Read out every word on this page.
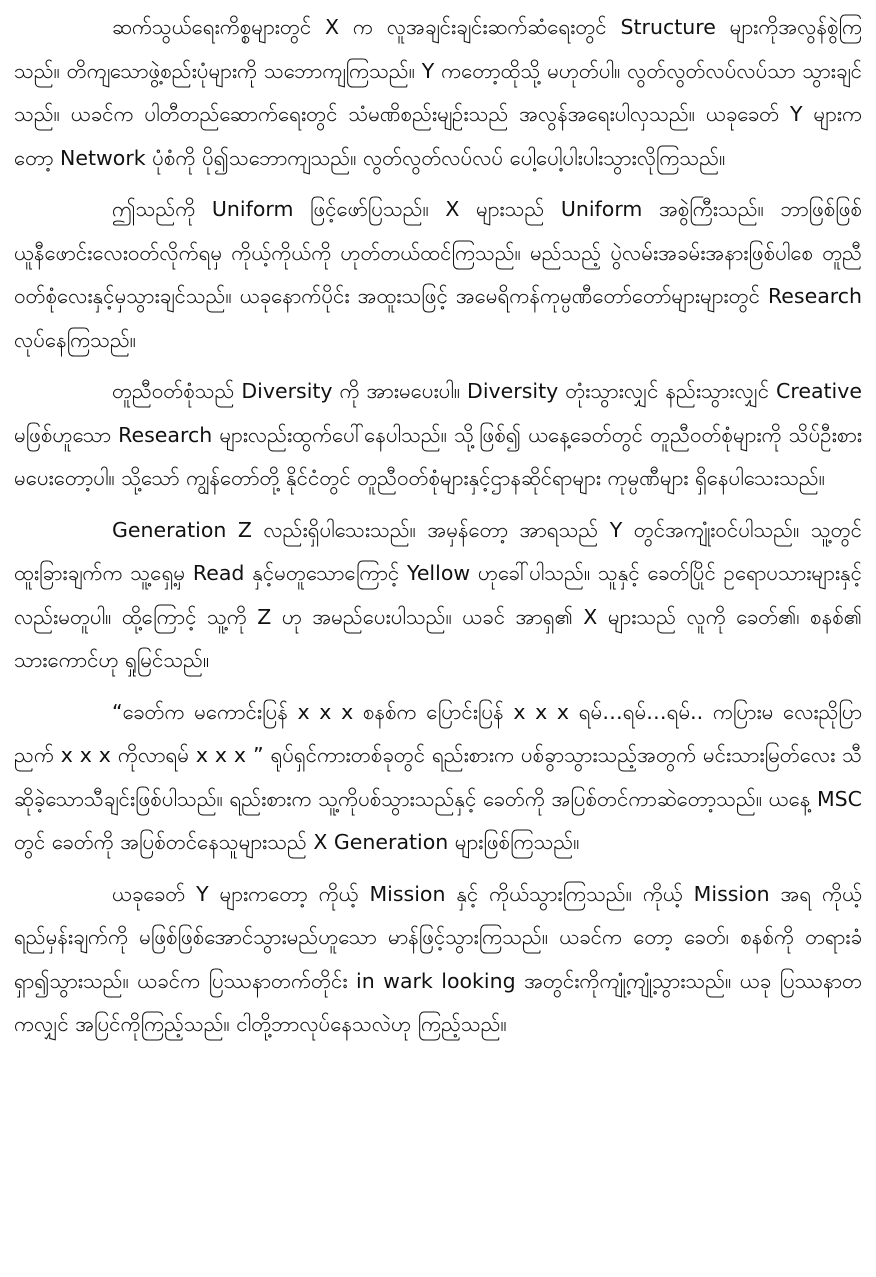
ဆက်သွယ်ရေးကိစ္စများတွင် X က လူအချင်းချင်းဆက်ဆံရေးတွင် Structure များကိုအလွန်စွဲကြသည်။ တိကျသောဖွဲ့စည်းပုံများကို သဘောကျကြသည်။ Y ကတော့ထိုသို့ မဟုတ်ပါ။ လွတ်လွတ်လပ်လပ်သာ သွားချင်သည်။ ယခင်က ပါတီတည်ဆောက်ရေးတွင် သံမဏိစည်းမျဉ်းသည် အလွန်အရေးပါလှသည်။ ယခုခေတ် Y များက တော့ Network ပုံစံကို ပို၍သဘောကျသည်။ လွတ်လွတ်လပ်လပ် ပေါ့ပေါ့ပါးပါးသွားလိုကြသည်။

ဤသည်ကို Uniform ဖြင့်ဖော်ပြသည်။ X များသည် Uniform အစွဲကြီးသည်။ ဘာဖြစ်ဖြစ် ယူနီဖောင်းလေးဝတ်လိုက်ရမှ ကိုယ့်ကိုယ်ကို ဟုတ်တယ်ထင်ကြသည်။ မည်သည့် ပွဲလမ်းအခမ်းအနားဖြစ်ပါစေ တူညီဝတ်စုံလေးနှင့်မှသွားချင်သည်။ ယခုနောက်ပိုင်း အထူးသဖြင့် အမေရိကန်ကုမ္ပဏီတော်တော်များများတွင် Research လုပ်နေကြသည်။

တူညီဝတ်စုံသည် Diversity ကို အားမပေးပါ။ Diversity တုံးသွားလျှင် နည်းသွားလျှင် Creative မဖြစ်ဟူသော Research များလည်းထွက်ပေါ်နေပါသည်။ သို့ဖြစ်၍ ယနေ့ခေတ်တွင် တူညီဝတ်စုံများကို သိပ်ဦးစားမပေးတော့ပါ။ သို့သော် ကျွန်တော်တို့ နိုင်ငံတွင် တူညီဝတ်စုံများနှင့်ဌာနဆိုင်ရာများ ကုမ္ပဏီများ ရှိနေပါသေးသည်။

Generation Z လည်းရှိပါသေးသည်။ အမှန်တော့ အာရသည် Y တွင်အကျုံးဝင်ပါသည်။ သူ့တွင်ထူးခြားချက်က သူ့ရှေ့မှ Read နှင့်မတူသောကြောင့် Yellow ဟုခေါ်ပါသည်။ သူနှင့် ခေတ်ပြိုင် ဥရောပသားများနှင့်လည်းမတူပါ။ ထို့ကြောင့် သူ့ကို Z ဟု အမည်ပေးပါသည်။ ယခင် အာရှ၏ X များသည် လူကို ခေတ်၏၊ စနစ်၏ သားကောင်ဟု ရှုမြင်သည်။

“ခေတ်က မကောင်းပြန် x x x စနစ်က ပြောင်းပြန် x x x ရမ်…ရမ်…ရမ်.. ကပြားမ လေးညိုပြာညက် x x x ကိုလာရမ် x x x ” ရုပ်ရှင်ကားတစ်ခုတွင် ရည်းစားက ပစ်ခွာသွားသည့်အတွက် မင်းသားမြတ်လေး သီဆိုခဲ့သောသီချင်းဖြစ်ပါသည်။ ရည်းစားက သူ့ကိုပစ်သွားသည်နှင့် ခေတ်ကို အပြစ်တင်ကာဆဲတော့သည်။ ယနေ့ MSC တွင် ခေတ်ကို အပြစ်တင်နေသူများသည် X Generation များဖြစ်ကြသည်။

ယခုခေတ် Y များကတော့ ကိုယ့် Mission နှင့် ကိုယ်သွားကြသည်။ ကိုယ့် Mission အရ ကိုယ့်ရည်မှန်းချက်ကို မဖြစ်ဖြစ်အောင်သွားမည်ဟူသော မာန်ဖြင့်သွားကြသည်။ ယခင်က တော့ ခေတ်၊ စနစ်ကို တရားခံရှာ၍သွားသည်။ ယခင်က ပြဿနာတက်တိုင်း in wark looking အတွင်းကိုကျုံ့ကျုံ့သွားသည်။ ယခု ပြဿနာတကလျှင် အပြင်ကိုကြည့်သည်။ ငါတို့ဘာလုပ်နေသလဲဟု ကြည့်သည်။
